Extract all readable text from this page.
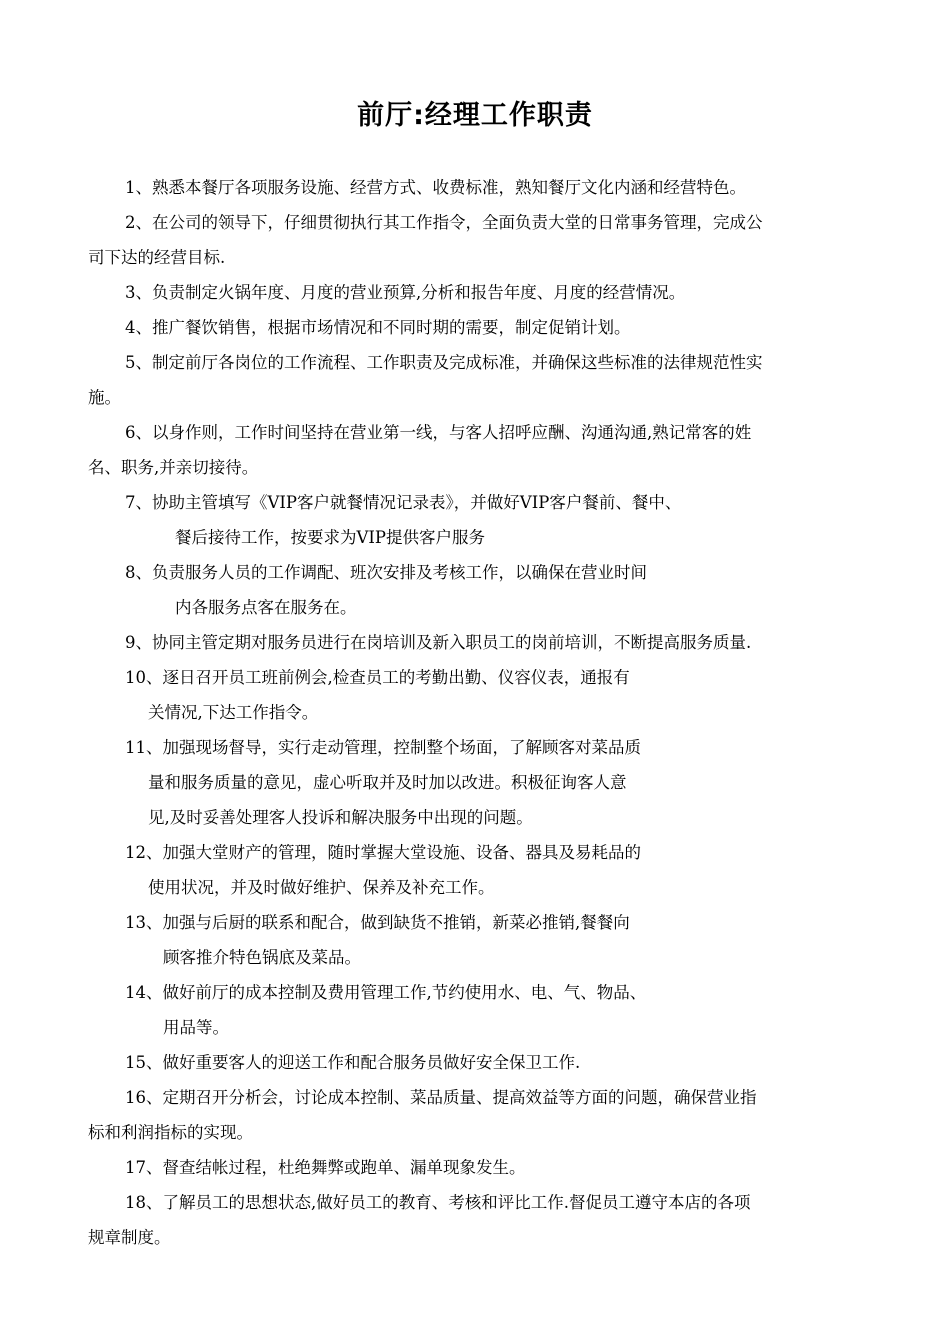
前厅:经理工作职责

1、熟悉本餐厅各项服务设施、经营方式、收费标准，熟知餐厅文化内涵和经营特色。

2、在公司的领导下，仔细贯彻执行其工作指令，全面负责大堂的日常事务管理，完成公
司下达的经营目标.

3、负责制定火锅年度、月度的营业预算,分析和报告年度、月度的经营情况。

4、推广餐饮销售，根据市场情况和不同时期的需要，制定促销计划。

5、制定前厅各岗位的工作流程、工作职责及完成标准，并确保这些标准的法律规范性实
施。

6、以身作则，工作时间坚持在营业第一线，与客人招呼应酬、沟通沟通,熟记常客的姓
名、职务,并亲切接待。

7、协助主管填写《VIP客户就餐情况记录表》，并做好VIP客户餐前、餐中、
餐后接待工作，按要求为VIP提供客户服务

8、负责服务人员的工作调配、班次安排及考核工作，以确保在营业时间
内各服务点客在服务在。

9、协同主管定期对服务员进行在岗培训及新入职员工的岗前培训，不断提高服务质量.

10、逐日召开员工班前例会,检查员工的考勤出勤、仪容仪表，通报有
关情况,下达工作指令。

11、加强现场督导，实行走动管理，控制整个场面，了解顾客对菜品质
量和服务质量的意见，虚心听取并及时加以改进。积极征询客人意
见,及时妥善处理客人投诉和解决服务中出现的问题。

12、加强大堂财产的管理，随时掌握大堂设施、设备、器具及易耗品的
使用状况，并及时做好维护、保养及补充工作。

13、加强与后厨的联系和配合，做到缺货不推销，新菜必推销,餐餐向
顾客推介特色锅底及菜品。

14、做好前厅的成本控制及费用管理工作,节约使用水、电、气、物品、
用品等。

15、做好重要客人的迎送工作和配合服务员做好安全保卫工作.

16、定期召开分析会，讨论成本控制、菜品质量、提高效益等方面的问题，确保营业指
标和利润指标的实现。

17、督查结帐过程，杜绝舞弊或跑单、漏单现象发生。

18、了解员工的思想状态,做好员工的教育、考核和评比工作.督促员工遵守本店的各项
规章制度。
